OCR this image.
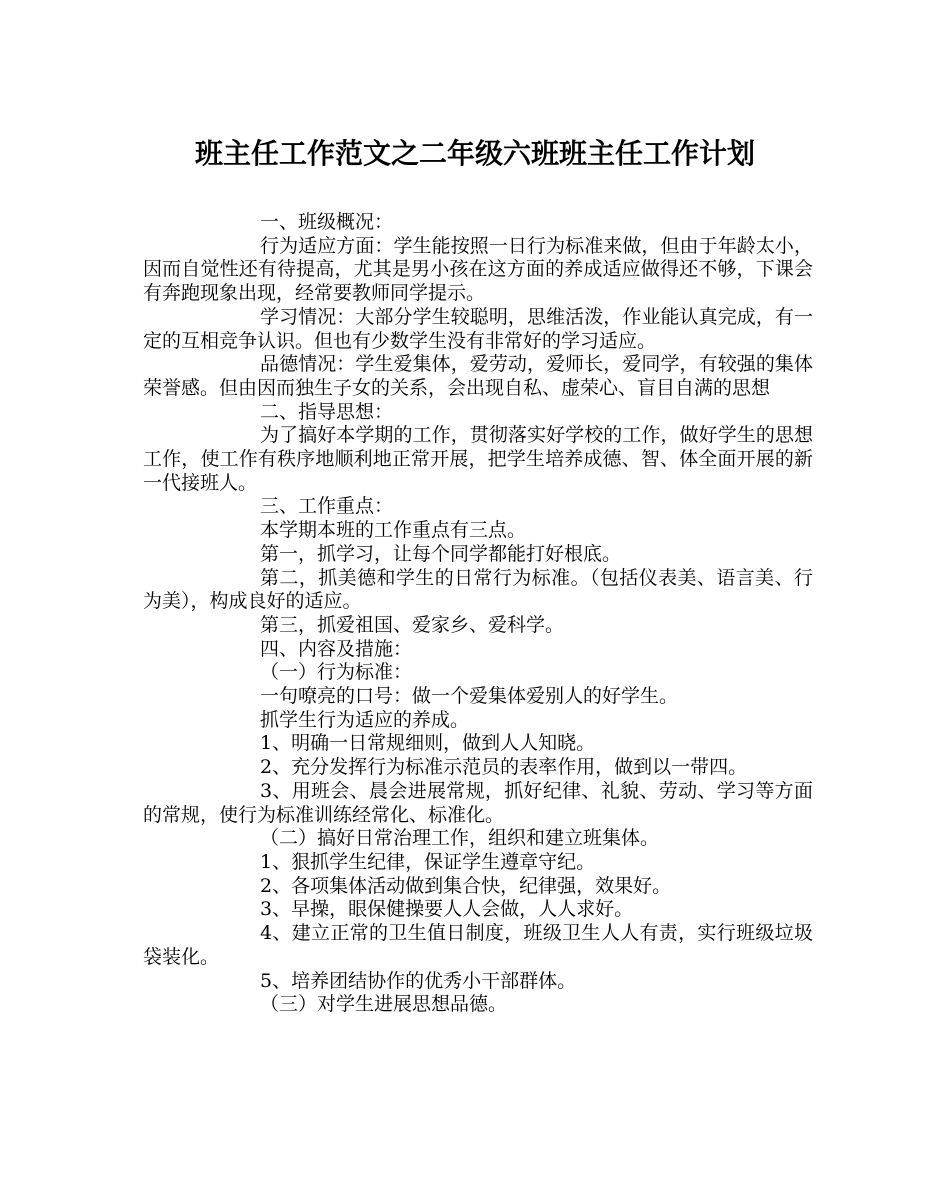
班主任工作范文之二年级六班班主任工作计划

一、班级概况：

行为适应方面：学生能按照一日行为标准来做，但由于年龄太小，因而自觉性还有待提高，尤其是男小孩在这方面的养成适应做得还不够，下课会有奔跑现象出现，经常要教师同学提示。

学习情况：大部分学生较聪明，思维活泼，作业能认真完成，有一定的互相竞争认识。但也有少数学生没有非常好的学习适应。

品德情况：学生爱集体，爱劳动，爱师长，爱同学，有较强的集体荣誉感。但由因而独生子女的关系，会出现自私、虚荣心、盲目自满的思想

二、指导思想：

为了搞好本学期的工作，贯彻落实好学校的工作，做好学生的思想工作，使工作有秩序地顺利地正常开展，把学生培养成德、智、体全面开展的新一代接班人。

三、工作重点：

本学期本班的工作重点有三点。

第一，抓学习，让每个同学都能打好根底。

第二，抓美德和学生的日常行为标准。（包括仪表美、语言美、行为美），构成良好的适应。

第三，抓爱祖国、爱家乡、爱科学。

四、内容及措施：

（一）行为标准：

一句嘹亮的口号：做一个爱集体爱别人的好学生。

抓学生行为适应的养成。

1、明确一日常规细则，做到人人知晓。

2、充分发挥行为标准示范员的表率作用，做到以一带四。

3、用班会、晨会进展常规，抓好纪律、礼貌、劳动、学习等方面的常规，使行为标准训练经常化、标准化。

（二）搞好日常治理工作，组织和建立班集体。

1、狠抓学生纪律，保证学生遵章守纪。

2、各项集体活动做到集合快，纪律强，效果好。

3、早操，眼保健操要人人会做，人人求好。

4、建立正常的卫生值日制度，班级卫生人人有责，实行班级垃圾袋装化。

5、培养团结协作的优秀小干部群体。

（三）对学生进展思想品德。
